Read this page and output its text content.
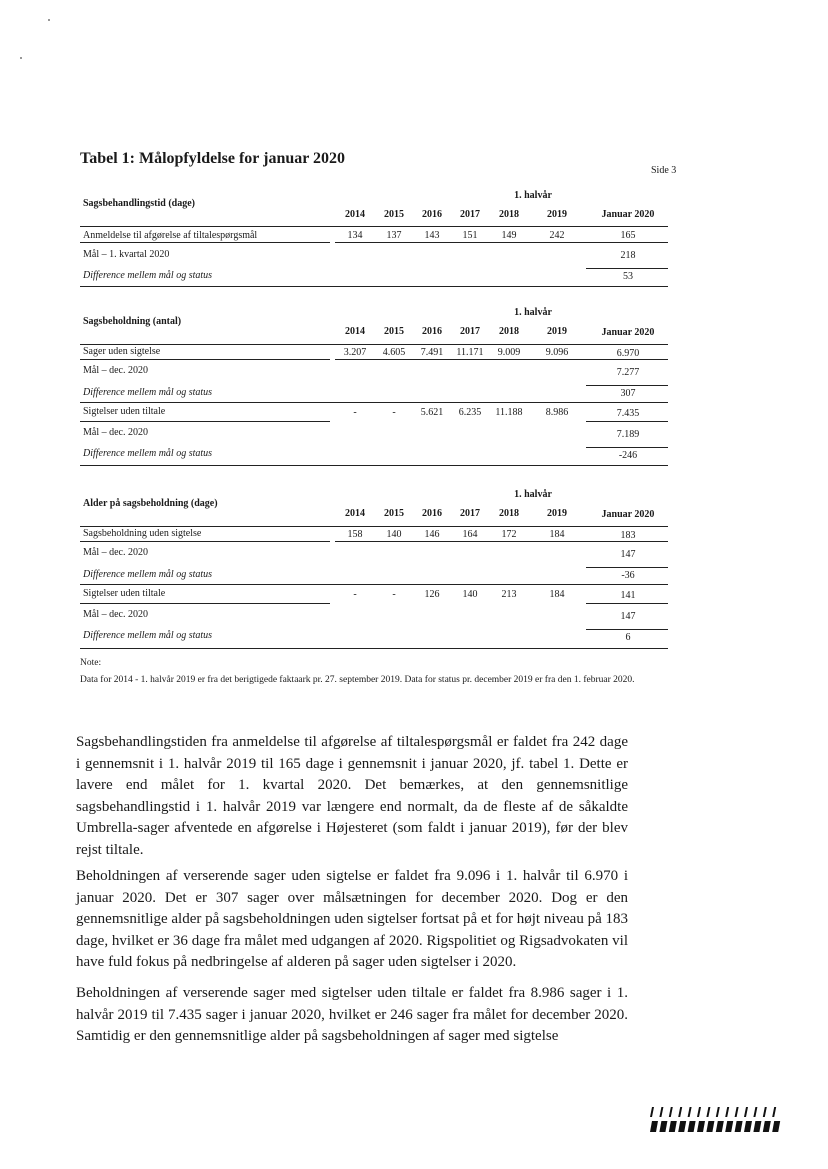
Tabel 1: Målopfyldelse for januar 2020
Side 3
Sagsbehandlingstid (dage)
1. halvår
2014	2015	2016	2017	2018	2019	Januar 2020
Anmeldelse til afgørelse af tiltalespørgsmål	134	137	143	151	149	242	165
Mål – 1. kvartal 2020	218
Difference mellem mål og status	53
Sagsbeholdning (antal)
1. halvår
2014	2015	2016	2017	2018	2019	Januar 2020
Sager uden sigtelse	3.207	4.605	7.491	11.171	9.009	9.096	6.970
Mål – dec. 2020	7.277
Difference mellem mål og status	307
Sigtelser uden tiltale	-	-	5.621	6.235	11.188	8.986	7.435
Mål – dec. 2020	7.189
Difference mellem mål og status	-246
Alder på sagsbeholdning (dage)
1. halvår
2014	2015	2016	2017	2018	2019	Januar 2020
Sagsbeholdning uden sigtelse	158	140	146	164	172	184	183
Mål – dec. 2020	147
Difference mellem mål og status	-36
Sigtelser uden tiltale	-	-	126	140	213	184	141
Mål – dec. 2020	147
Difference mellem mål og status	6
Note:
Data for 2014 - 1. halvår 2019 er fra det berigtigede faktaark pr. 27. september 2019. Data for status pr. december 2019 er fra den 1. februar 2020.

Sagsbehandlingstiden fra anmeldelse til afgørelse af tiltalespørgsmål er faldet fra 242 dage i gennemsnit i 1. halvår 2019 til 165 dage i gennemsnit i januar 2020, jf. tabel 1. Dette er lavere end målet for 1. kvartal 2020. Det bemærkes, at den gennemsnitlige sagsbehandlingstid i 1. halvår 2019 var længere end normalt, da de fleste af de såkaldte Umbrella-sager afventede en afgørelse i Højesteret (som faldt i januar 2019), før der blev rejst tiltale.

Beholdningen af verserende sager uden sigtelse er faldet fra 9.096 i 1. halvår til 6.970 i januar 2020. Det er 307 sager over målsætningen for december 2020. Dog er den gennemsnitlige alder på sagsbeholdningen uden sigtelser fortsat på et for højt niveau på 183 dage, hvilket er 36 dage fra målet med udgangen af 2020. Rigspolitiet og Rigsadvokaten vil have fuld fokus på nedbringelse af alderen på sager uden sigtelser i 2020.

Beholdningen af verserende sager med sigtelser uden tiltale er faldet fra 8.986 sager i 1. halvår 2019 til 7.435 sager i januar 2020, hvilket er 246 sager fra målet for december 2020. Samtidig er den gennemsnitlige alder på sagsbeholdningen af sager med sigtelse
